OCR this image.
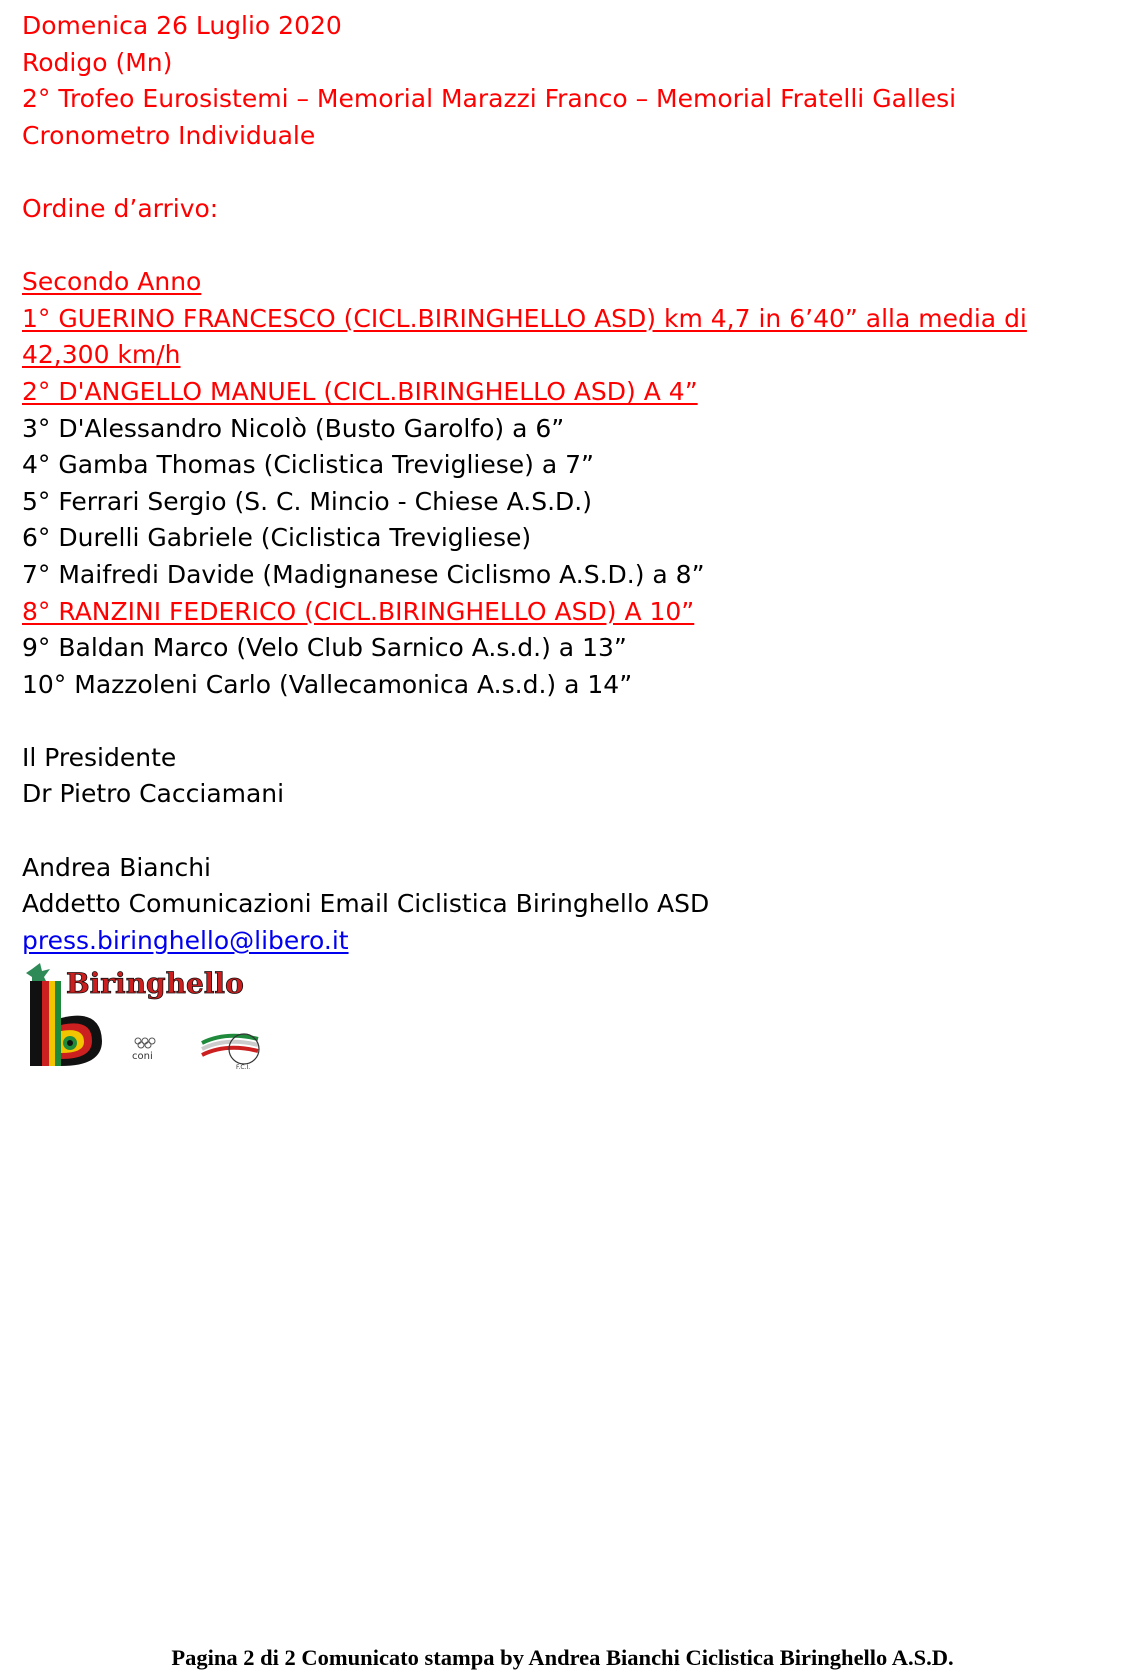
Domenica 26 Luglio 2020
Rodigo (Mn)
2° Trofeo Eurosistemi – Memorial Marazzi Franco – Memorial Fratelli Gallesi
Cronometro Individuale
Ordine d’arrivo:
Secondo Anno
1° GUERINO FRANCESCO (CICL.BIRINGHELLO ASD) km 4,7 in 6’40” alla media di 42,300 km/h
2° D'ANGELLO MANUEL (CICL.BIRINGHELLO ASD) A 4”
3° D'Alessandro Nicolò (Busto Garolfo) a 6”
4° Gamba Thomas (Ciclistica Trevigliese) a 7”
5° Ferrari Sergio (S. C. Mincio - Chiese A.S.D.)
6° Durelli Gabriele (Ciclistica Trevigliese)
7° Maifredi Davide (Madignanese Ciclismo A.S.D.) a 8”
8° RANZINI FEDERICO (CICL.BIRINGHELLO ASD) A 10”
9° Baldan Marco (Velo Club Sarnico A.s.d.) a 13”
10° Mazzoleni Carlo (Vallecamonica A.s.d.) a 14”
Il Presidente
Dr Pietro Cacciamani
Andrea Bianchi
Addetto Comunicazioni Email Ciclistica Biringhello ASD
press.biringhello@libero.it
Biringhello
coni
F.C.I.
Pagina 2 di 2 Comunicato stampa by Andrea Bianchi Ciclistica Biringhello A.S.D.
